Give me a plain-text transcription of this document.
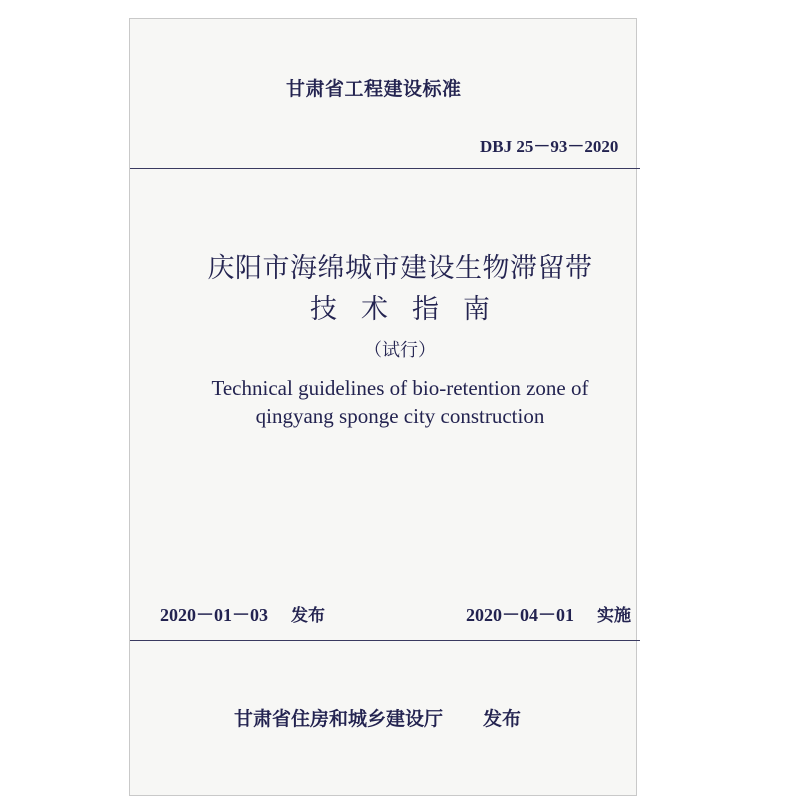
甘肃省工程建设标准
DBJ 25－93－2020
庆阳市海绵城市建设生物滞留带
技术指南
（试行）
Technical guidelines of bio-retention zone of
qingyang sponge city construction
2020－01－03 发布	2020－04－01 实施
甘肃省住房和城乡建设厅 发布
